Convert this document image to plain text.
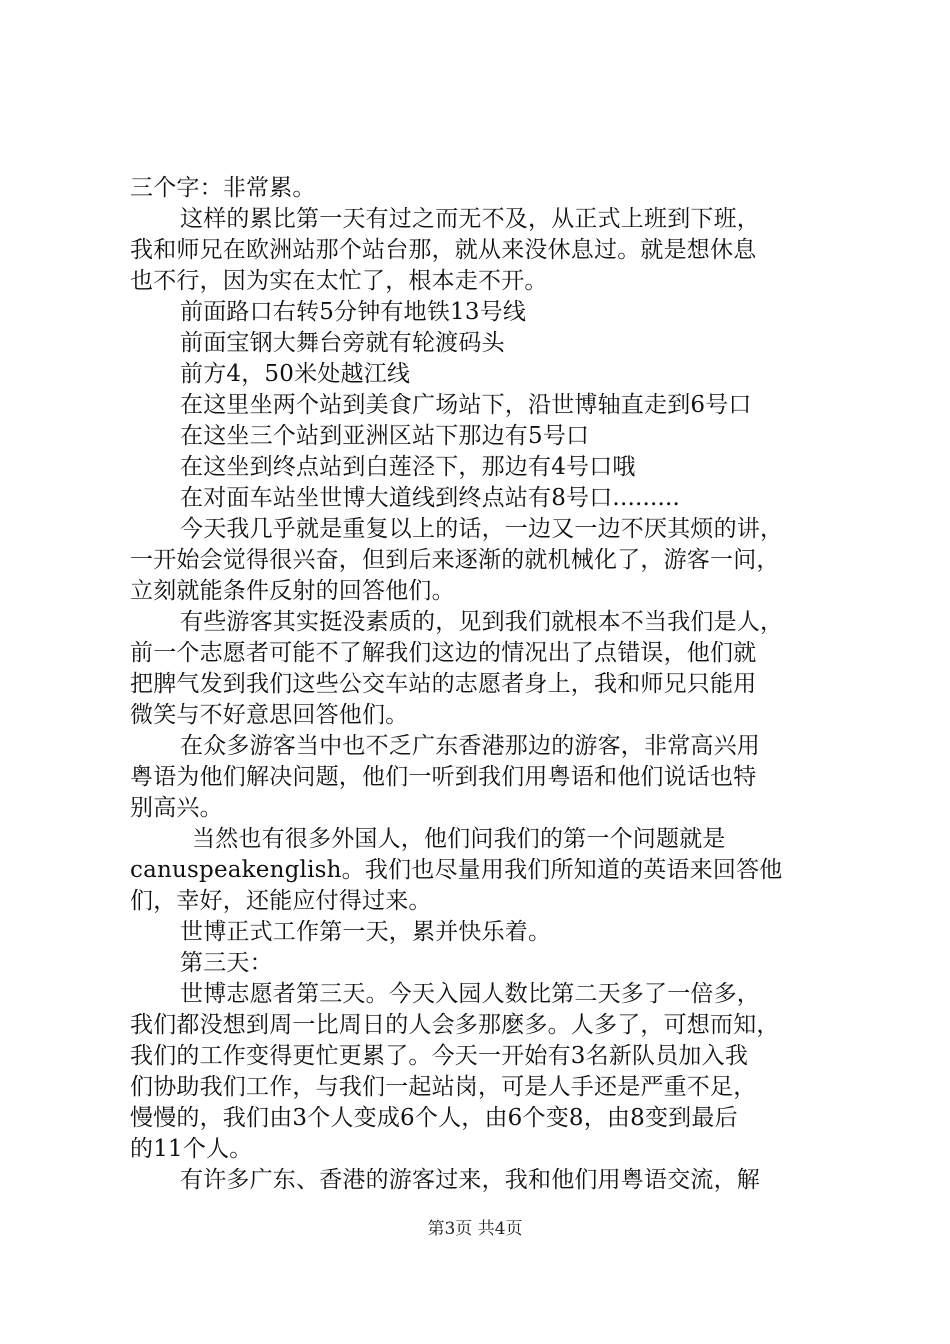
三个字：非常累。
这样的累比第一天有过之而无不及，从正式上班到下班，
我和师兄在欧洲站那个站台那，就从来没休息过。就是想休息
也不行，因为实在太忙了，根本走不开。
前面路口右转5分钟有地铁13号线
前面宝钢大舞台旁就有轮渡码头
前方4，50米处越江线
在这里坐两个站到美食广场站下，沿世博轴直走到6号口
在这坐三个站到亚洲区站下那边有5号口
在这坐到终点站到白莲泾下，那边有4号口哦
在对面车站坐世博大道线到终点站有8号口.........
今天我几乎就是重复以上的话，一边又一边不厌其烦的讲，
一开始会觉得很兴奋，但到后来逐渐的就机械化了，游客一问，
立刻就能条件反射的回答他们。
有些游客其实挺没素质的，见到我们就根本不当我们是人，
前一个志愿者可能不了解我们这边的情况出了点错误，他们就
把脾气发到我们这些公交车站的志愿者身上，我和师兄只能用
微笑与不好意思回答他们。
在众多游客当中也不乏广东香港那边的游客，非常高兴用
粤语为他们解决问题，他们一听到我们用粤语和他们说话也特
别高兴。
当然也有很多外国人，他们问我们的第一个问题就是
canuspeakenglish。我们也尽量用我们所知道的英语来回答他
们，幸好，还能应付得过来。
世博正式工作第一天，累并快乐着。
第三天：
世博志愿者第三天。今天入园人数比第二天多了一倍多，
我们都没想到周一比周日的人会多那麽多。人多了，可想而知，
我们的工作变得更忙更累了。今天一开始有3名新队员加入我
们协助我们工作，与我们一起站岗，可是人手还是严重不足，
慢慢的，我们由3个人变成6个人，由6个变8，由8变到最后
的11个人。
有许多广东、香港的游客过来，我和他们用粤语交流，解
第3页 共4页
